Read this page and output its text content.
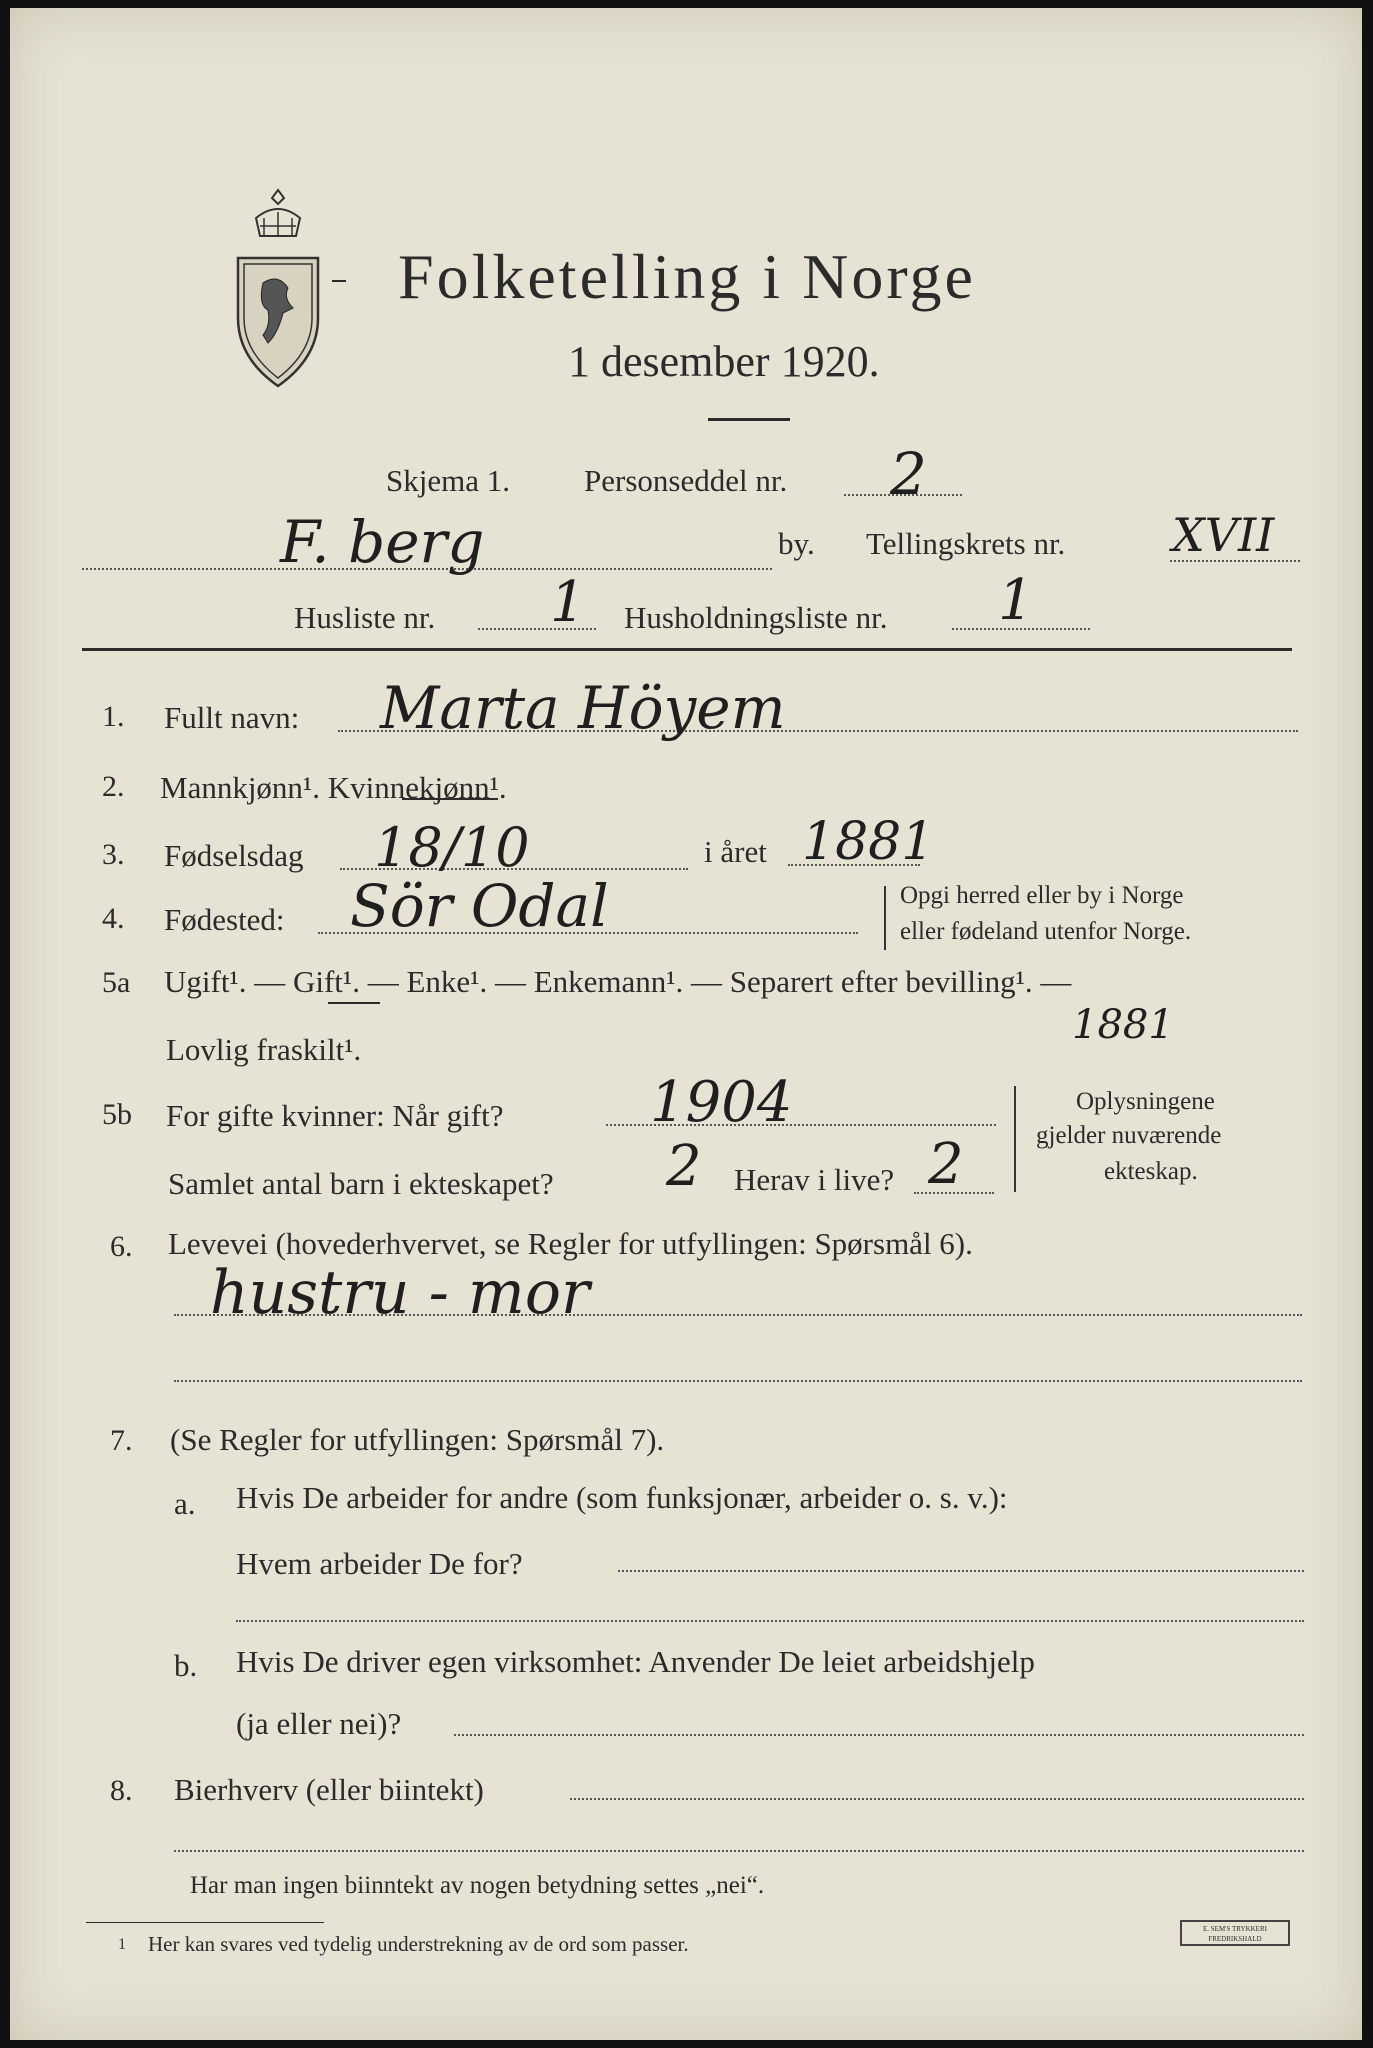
Folketelling i Norge
1 desember 1920.
Skjema 1. Personseddel nr. 2
F. berg	by. Tellingskrets nr. XVII
Husliste nr. 1 Husholdningsliste nr. 1
1. Fullt navn: Marta Höyem
2. Mannkjønn¹. Kvinnekjønn¹.
3. Fødselsdag 18/10	i året 1881
4. Fødested: Sör Odal	Opgi herred eller by i Norge
eller fødeland utenfor Norge.
5a Ugift¹. — Gift¹. — Enke¹. — Enkemann¹. — Separert efter bevilling¹. —
Lovlig fraskilt¹.
1881
5b For gifte kvinner: Når gift?	1904
Samlet antal barn i ekteskapet? 2 Herav i live? 2
Oplysningene
gjelder nuværende
ekteskap.
6. Levevei (hovederhvervet, se Regler for utfyllingen: Spørsmål 6).
hustru - mor
7. (Se Regler for utfyllingen: Spørsmål 7).
a. Hvis De arbeider for andre (som funksjonær, arbeider o. s. v.):
Hvem arbeider De for?
b. Hvis De driver egen virksomhet: Anvender De leiet arbeidshjelp
(ja eller nei)?
8. Bierhverv (eller biintekt)
Har man ingen biinntekt av nogen betydning settes „nei“.
1 Her kan svares ved tydelig understrekning av de ord som passer.
E. SEM'S TRYKKERI
FREDRIKSHALD
